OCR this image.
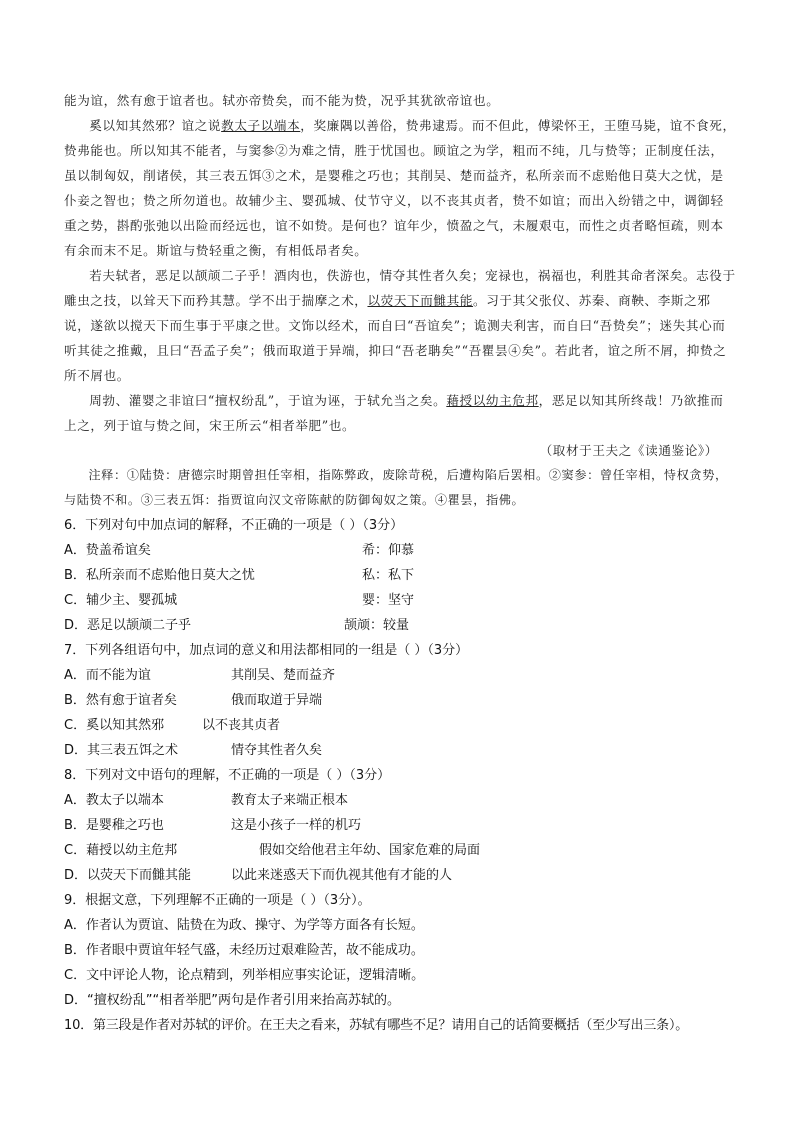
能为谊，然有愈于谊者也。轼亦帝贽矣，而不能为贽，况乎其犹欲帝谊也。

奚以知其然邪？谊之说教太子以端本，奖廉隅以善俗，贽弗逮焉。而不但此，傅梁怀王，王堕马毙，谊不食死，贽弗能也。所以知其不能者，与窦参②为难之情，胜于忧国也。顾谊之为学，粗而不纯，几与贽等；正制度任法，虽以制匈奴，削诸侯，其三表五饵③之术，是婴稚之巧也；其削吴、楚而益齐，私所亲而不虑贻他日莫大之忧，是仆妾之智也；贽之所勿道也。故辅少主、婴孤城、仗节守义，以不丧其贞者，贽不如谊；而出入纷错之中，调御轻重之势，斟酌张弛以出险而经远也，谊不如贽。是何也？谊年少，愤盈之气，未履艰屯，而性之贞者略恒疏，则本有余而末不足。斯谊与贽轻重之衡，有相低昂者矣。

若夫轼者，恶足以颉颃二子乎！酒肉也，佚游也，情夺其性者久矣；宠禄也，祸福也，利胜其命者深矣。志役于雕虫之技，以耸天下而矜其慧。学不出于揣摩之术，以荧天下而雠其能。习于其父张仪、苏秦、商鞅、李斯之邪说，遂欲以搅天下而生事于平康之世。文饰以经术，而自曰“吾谊矣”；诡测夫利害，而自曰“吾贽矣”；迷失其心而听其徒之推戴，且曰“吾孟子矣”；俄而取道于异端，抑曰“吾老聃矣”“吾瞿昙④矣”。若此者，谊之所不屑，抑贽之所不屑也。

周勃、灌婴之非谊曰“擅权纷乱”，于谊为诬，于轼允当之矣。藉授以幼主危邦，恶足以知其所终哉！乃欲推而上之，列于谊与贽之间，宋王所云“相者举肥”也。

（取材于王夫之《读通鉴论》）

注释：①陆贽：唐德宗时期曾担任宰相，指陈弊政，废除苛税，后遭构陷后罢相。②窦参：曾任宰相，恃权贪势，与陆贽不和。③三表五饵：指贾谊向汉文帝陈献的防御匈奴之策。④瞿昙，指佛。

6．下列对句中加点词的解释，不正确的一项是（ ）（3分）

A．贽盖希谊矣	希：仰慕
B．私所亲而不虑贻他日莫大之忧	私：私下
C．辅少主、婴孤城	婴：坚守
D．恶足以颉颃二子乎	颉颃：较量

7．下列各组语句中，加点词的意义和用法都相同的一组是（ ）（3分）

A．而不能为谊	其削吴、楚而益齐
B．然有愈于谊者矣	俄而取道于异端
C．奚以知其然邪	以不丧其贞者
D．其三表五饵之术	情夺其性者久矣

8．下列对文中语句的理解，不正确的一项是（ ）（3分）

A．教太子以端本	教育太子来端正根本
B．是婴稚之巧也	这是小孩子一样的机巧
C．藉授以幼主危邦	假如交给他君主年幼、国家危难的局面
D．以荧天下而雠其能	以此来迷惑天下而仇视其他有才能的人

9．根据文意，下列理解不正确的一项是（ ）（3分）。

A．作者认为贾谊、陆贽在为政、操守、为学等方面各有长短。

B．作者眼中贾谊年轻气盛，未经历过艰难险苦，故不能成功。

C．文中评论人物，论点精到，列举相应事实论证，逻辑清晰。

D．“擅权纷乱”“相者举肥”两句是作者引用来抬高苏轼的。

10．第三段是作者对苏轼的评价。在王夫之看来，苏轼有哪些不足？请用自己的话简要概括（至少写出三条）。
